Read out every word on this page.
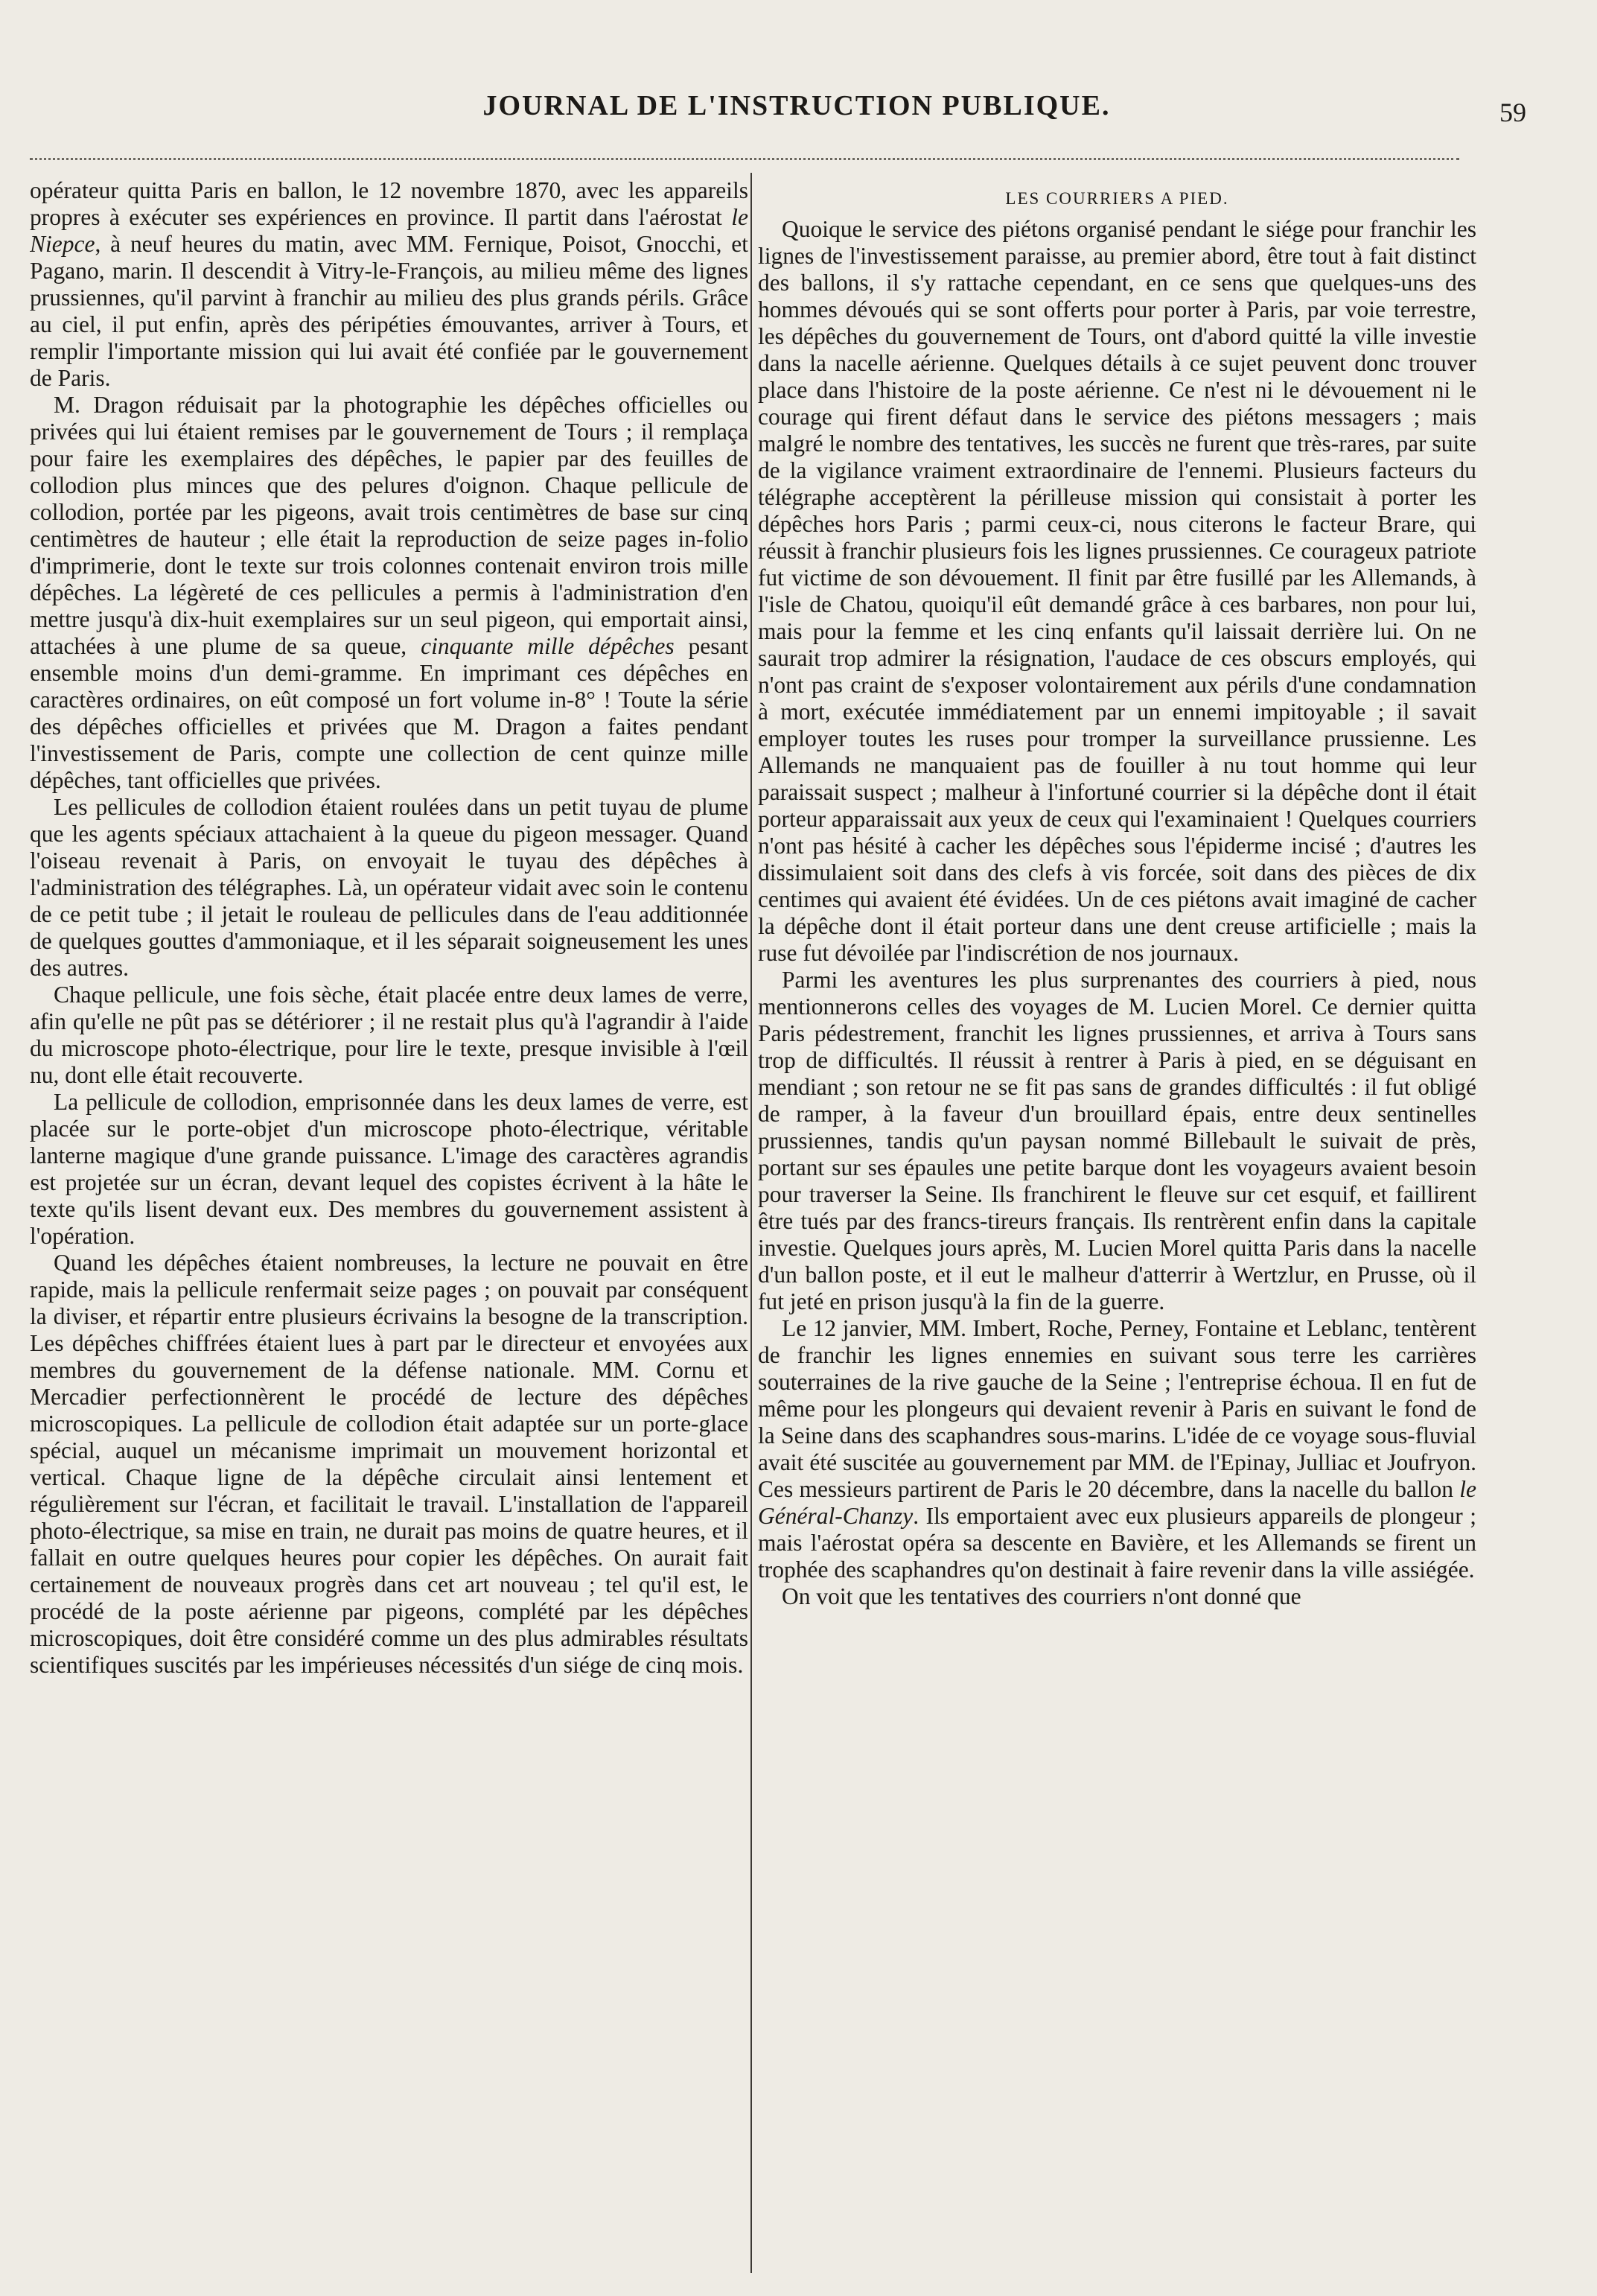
JOURNAL DE L'INSTRUCTION PUBLIQUE.	59

opérateur quitta Paris en ballon, le 12 novembre 1870, avec les appareils propres à exécuter ses expériences en province. Il partit dans l'aérostat le Niepce, à neuf heures du matin, avec MM. Fernique, Poisot, Gnocchi, et Pagano, marin. Il descendit à Vitry-le-François, au milieu même des lignes prussiennes, qu'il parvint à franchir au milieu des plus grands périls. Grâce au ciel, il put enfin, après des péripéties émouvantes, arriver à Tours, et remplir l'importante mission qui lui avait été confiée par le gouvernement de Paris.

M. Dragon réduisait par la photographie les dépêches officielles ou privées qui lui étaient remises par le gouvernement de Tours ; il remplaça pour faire les exemplaires des dépêches, le papier par des feuilles de collodion plus minces que des pelures d'oignon. Chaque pellicule de collodion, portée par les pigeons, avait trois centimètres de base sur cinq centimètres de hauteur ; elle était la reproduction de seize pages in-folio d'imprimerie, dont le texte sur trois colonnes contenait environ trois mille dépêches. La légèreté de ces pellicules a permis à l'administration d'en mettre jusqu'à dix-huit exemplaires sur un seul pigeon, qui emportait ainsi, attachées à une plume de sa queue, cinquante mille dépêches pesant ensemble moins d'un demi-gramme. En imprimant ces dépêches en caractères ordinaires, on eût composé un fort volume in-8° ! Toute la série des dépêches officielles et privées que M. Dragon a faites pendant l'investissement de Paris, compte une collection de cent quinze mille dépêches, tant officielles que privées.

Les pellicules de collodion étaient roulées dans un petit tuyau de plume que les agents spéciaux attachaient à la queue du pigeon messager. Quand l'oiseau revenait à Paris, on envoyait le tuyau des dépêches à l'administration des télégraphes. Là, un opérateur vidait avec soin le contenu de ce petit tube ; il jetait le rouleau de pellicules dans de l'eau additionnée de quelques gouttes d'ammoniaque, et il les séparait soigneusement les unes des autres.

Chaque pellicule, une fois sèche, était placée entre deux lames de verre, afin qu'elle ne pût pas se détériorer ; il ne restait plus qu'à l'agrandir à l'aide du microscope photo-électrique, pour lire le texte, presque invisible à l'œil nu, dont elle était recouverte.

La pellicule de collodion, emprisonnée dans les deux lames de verre, est placée sur le porte-objet d'un microscope photo-électrique, véritable lanterne magique d'une grande puissance. L'image des caractères agrandis est projetée sur un écran, devant lequel des copistes écrivent à la hâte le texte qu'ils lisent devant eux. Des membres du gouvernement assistent à l'opération.

Quand les dépêches étaient nombreuses, la lecture ne pouvait en être rapide, mais la pellicule renfermait seize pages ; on pouvait par conséquent la diviser, et répartir entre plusieurs écrivains la besogne de la transcription. Les dépêches chiffrées étaient lues à part par le directeur et envoyées aux membres du gouvernement de la défense nationale. MM. Cornu et Mercadier perfectionnèrent le procédé de lecture des dépêches microscopiques. La pellicule de collodion était adaptée sur un porte-glace spécial, auquel un mécanisme imprimait un mouvement horizontal et vertical. Chaque ligne de la dépêche circulait ainsi lentement et régulièrement sur l'écran, et facilitait le travail. L'installation de l'appareil photo-électrique, sa mise en train, ne durait pas moins de quatre heures, et il fallait en outre quelques heures pour copier les dépêches. On aurait fait certainement de nouveaux progrès dans cet art nouveau ; tel qu'il est, le procédé de la poste aérienne par pigeons, complété par les dépêches microscopiques, doit être considéré comme un des plus admirables résultats scientifiques suscités par les impérieuses nécessités d'un siége de cinq mois.

LES COURRIERS A PIED.

Quoique le service des piétons organisé pendant le siége pour franchir les lignes de l'investissement paraisse, au premier abord, être tout à fait distinct des ballons, il s'y rattache cependant, en ce sens que quelques-uns des hommes dévoués qui se sont offerts pour porter à Paris, par voie terrestre, les dépêches du gouvernement de Tours, ont d'abord quitté la ville investie dans la nacelle aérienne. Quelques détails à ce sujet peuvent donc trouver place dans l'histoire de la poste aérienne. Ce n'est ni le dévouement ni le courage qui firent défaut dans le service des piétons messagers ; mais malgré le nombre des tentatives, les succès ne furent que très-rares, par suite de la vigilance vraiment extraordinaire de l'ennemi. Plusieurs facteurs du télégraphe acceptèrent la périlleuse mission qui consistait à porter les dépêches hors Paris ; parmi ceux-ci, nous citerons le facteur Brare, qui réussit à franchir plusieurs fois les lignes prussiennes. Ce courageux patriote fut victime de son dévouement. Il finit par être fusillé par les Allemands, à l'isle de Chatou, quoiqu'il eût demandé grâce à ces barbares, non pour lui, mais pour la femme et les cinq enfants qu'il laissait derrière lui. On ne saurait trop admirer la résignation, l'audace de ces obscurs employés, qui n'ont pas craint de s'exposer volontairement aux périls d'une condamnation à mort, exécutée immédiatement par un ennemi impitoyable ; il savait employer toutes les ruses pour tromper la surveillance prussienne. Les Allemands ne manquaient pas de fouiller à nu tout homme qui leur paraissait suspect ; malheur à l'infortuné courrier si la dépêche dont il était porteur apparaissait aux yeux de ceux qui l'examinaient ! Quelques courriers n'ont pas hésité à cacher les dépêches sous l'épiderme incisé ; d'autres les dissimulaient soit dans des clefs à vis forcée, soit dans des pièces de dix centimes qui avaient été évidées. Un de ces piétons avait imaginé de cacher la dépêche dont il était porteur dans une dent creuse artificielle ; mais la ruse fut dévoilée par l'indiscrétion de nos journaux.

Parmi les aventures les plus surprenantes des courriers à pied, nous mentionnerons celles des voyages de M. Lucien Morel. Ce dernier quitta Paris pédestrement, franchit les lignes prussiennes, et arriva à Tours sans trop de difficultés. Il réussit à rentrer à Paris à pied, en se déguisant en mendiant ; son retour ne se fit pas sans de grandes difficultés : il fut obligé de ramper, à la faveur d'un brouillard épais, entre deux sentinelles prussiennes, tandis qu'un paysan nommé Billebault le suivait de près, portant sur ses épaules une petite barque dont les voyageurs avaient besoin pour traverser la Seine. Ils franchirent le fleuve sur cet esquif, et faillirent être tués par des francs-tireurs français. Ils rentrèrent enfin dans la capitale investie. Quelques jours après, M. Lucien Morel quitta Paris dans la nacelle d'un ballon poste, et il eut le malheur d'atterrir à Wertzlur, en Prusse, où il fut jeté en prison jusqu'à la fin de la guerre.

Le 12 janvier, MM. Imbert, Roche, Perney, Fontaine et Leblanc, tentèrent de franchir les lignes ennemies en suivant sous terre les carrières souterraines de la rive gauche de la Seine ; l'entreprise échoua. Il en fut de même pour les plongeurs qui devaient revenir à Paris en suivant le fond de la Seine dans des scaphandres sous-marins. L'idée de ce voyage sous-fluvial avait été suscitée au gouvernement par MM. de l'Epinay, Julliac et Joufryon. Ces messieurs partirent de Paris le 20 décembre, dans la nacelle du ballon le Général-Chanzy. Ils emportaient avec eux plusieurs appareils de plongeur ; mais l'aérostat opéra sa descente en Bavière, et les Allemands se firent un trophée des scaphandres qu'on destinait à faire revenir dans la ville assiégée.

On voit que les tentatives des courriers n'ont donné que
